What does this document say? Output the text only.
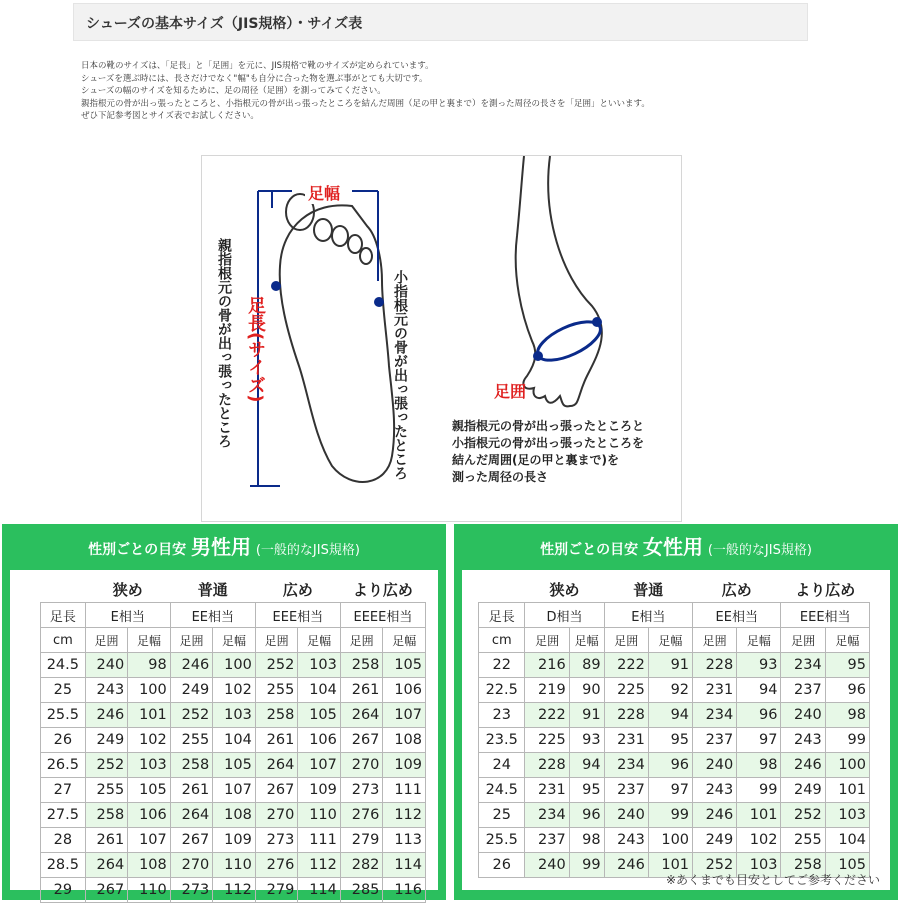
シューズの基本サイズ（JIS規格）・サイズ表
日本の靴のサイズは、「足長」と「足囲」を元に、JIS規格で靴のサイズが定められています。
シューズを選ぶ時には、長さだけでなく"幅"も自分に合った物を選ぶ事がとても大切です。
シューズの幅のサイズを知るために、足の周径（足囲）を測ってみてください。
親指根元の骨が出っ張ったところと、小指根元の骨が出っ張ったところを結んだ周囲（足の甲と裏まで）を測った周径の長さを「足囲」といいます。
ぜひ下記参考図とサイズ表でお試しください。
足幅
足長(サイズ)
親指根元の骨が出っ張ったところ	小指根元の骨が出っ張ったところ	足囲
親指根元の骨が出っ張ったところと
小指根元の骨が出っ張ったところを
結んだ周囲(足の甲と裏まで)を
測った周径の長さ
性別ごとの目安 男性用 (一般的なJIS規格)
	狭め		普通		広め		より広め	
足長	E相当		EE相当		EEE相当		EEEE相当	
cm	足囲	足幅	足囲	足幅	足囲	足幅	足囲	足幅
24.5	240	98	246	100	252	103	258	105
25	243	100	249	102	255	104	261	106
25.5	246	101	252	103	258	105	264	107
26	249	102	255	104	261	106	267	108
26.5	252	103	258	105	264	107	270	109
27	255	105	261	107	267	109	273	111
27.5	258	106	264	108	270	110	276	112
28	261	107	267	109	273	111	279	113
28.5	264	108	270	110	276	112	282	114
29	267	110	273	112	279	114	285	116
性別ごとの目安 女性用 (一般的なJIS規格)
	狭め		普通		広め		より広め	
足長	D相当		E相当		EE相当		EEE相当	
cm	足囲	足幅	足囲	足幅	足囲	足幅	足囲	足幅
22	216	89	222	91	228	93	234	95
22.5	219	90	225	92	231	94	237	96
23	222	91	228	94	234	96	240	98
23.5	225	93	231	95	237	97	243	99
24	228	94	234	96	240	98	246	100
24.5	231	95	237	97	243	99	249	101
25	234	96	240	99	246	101	252	103
25.5	237	98	243	100	249	102	255	104
26	240	99	246	101	252	103	258	105
※あくまでも目安としてご参考ください
